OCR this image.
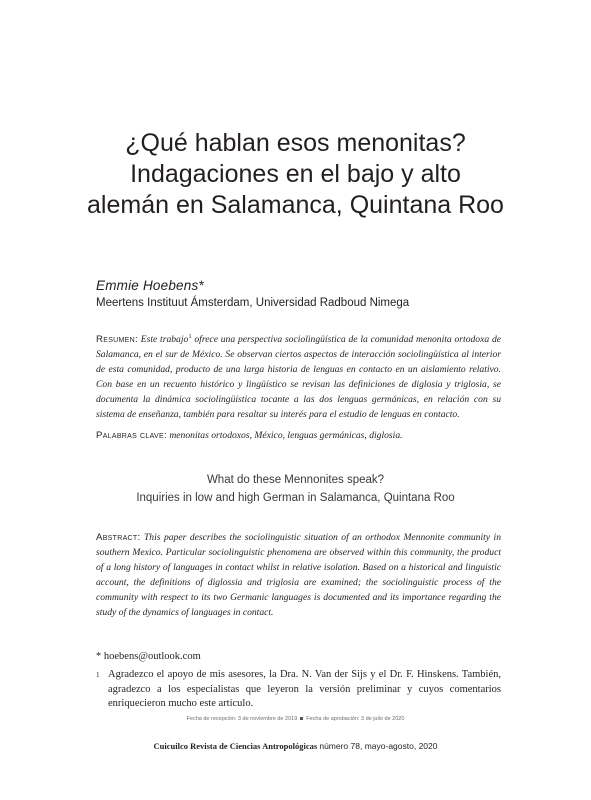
¿Qué hablan esos menonitas?
Indagaciones en el bajo y alto
alemán en Salamanca, Quintana Roo
Emmie Hoebens*
Meertens Instituut Ámsterdam, Universidad Radboud Nimega
Resumen: Este trabajo$^1$ ofrece una perspectiva sociolingüística de la comunidad menonita ortodoxa de Salamanca, en el sur de México. Se observan ciertos aspectos de interacción sociolingüística al interior de esta comunidad, producto de una larga historia de lenguas en contacto en un aislamiento relativo. Con base en un recuento histórico y lingüístico se revisan las definiciones de diglosia y triglosia, se documenta la dinámica sociolingüística tocante a las dos lenguas germánicas, en relación con su sistema de enseñanza, también para resaltar su interés para el estudio de lenguas en contacto.
Palabras clave: menonitas ortodoxos, México, lenguas germánicas, diglosia.
What do these Mennonites speak?
Inquiries in low and high German in Salamanca, Quintana Roo
Abstract: This paper describes the sociolinguistic situation of an orthodox Mennonite community in southern Mexico. Particular sociolinguistic phenomena are observed within this community, the product of a long history of languages in contact whilst in relative isolation. Based on a historical and linguistic account, the definitions of diglossia and triglosia are examined; the sociolinguistic process of the community with respect to its two Germanic languages is documented and its importance regarding the study of the dynamics of languages in contact.
* hoebens@outlook.com
1 Agradezco el apoyo de mis asesores, la Dra. N. Van der Sijs y el Dr. F. Hinskens. También, agradezco a los especialistas que leyeron la versión preliminar y cuyos comentarios enriquecieron mucho este artículo.
Fecha de recepción: 3 de noviembre de 2019 Fecha de aprobación: 3 de julio de 2020
Cuicuilco Revista de Ciencias Antropológicas número 78, mayo-agosto, 2020
